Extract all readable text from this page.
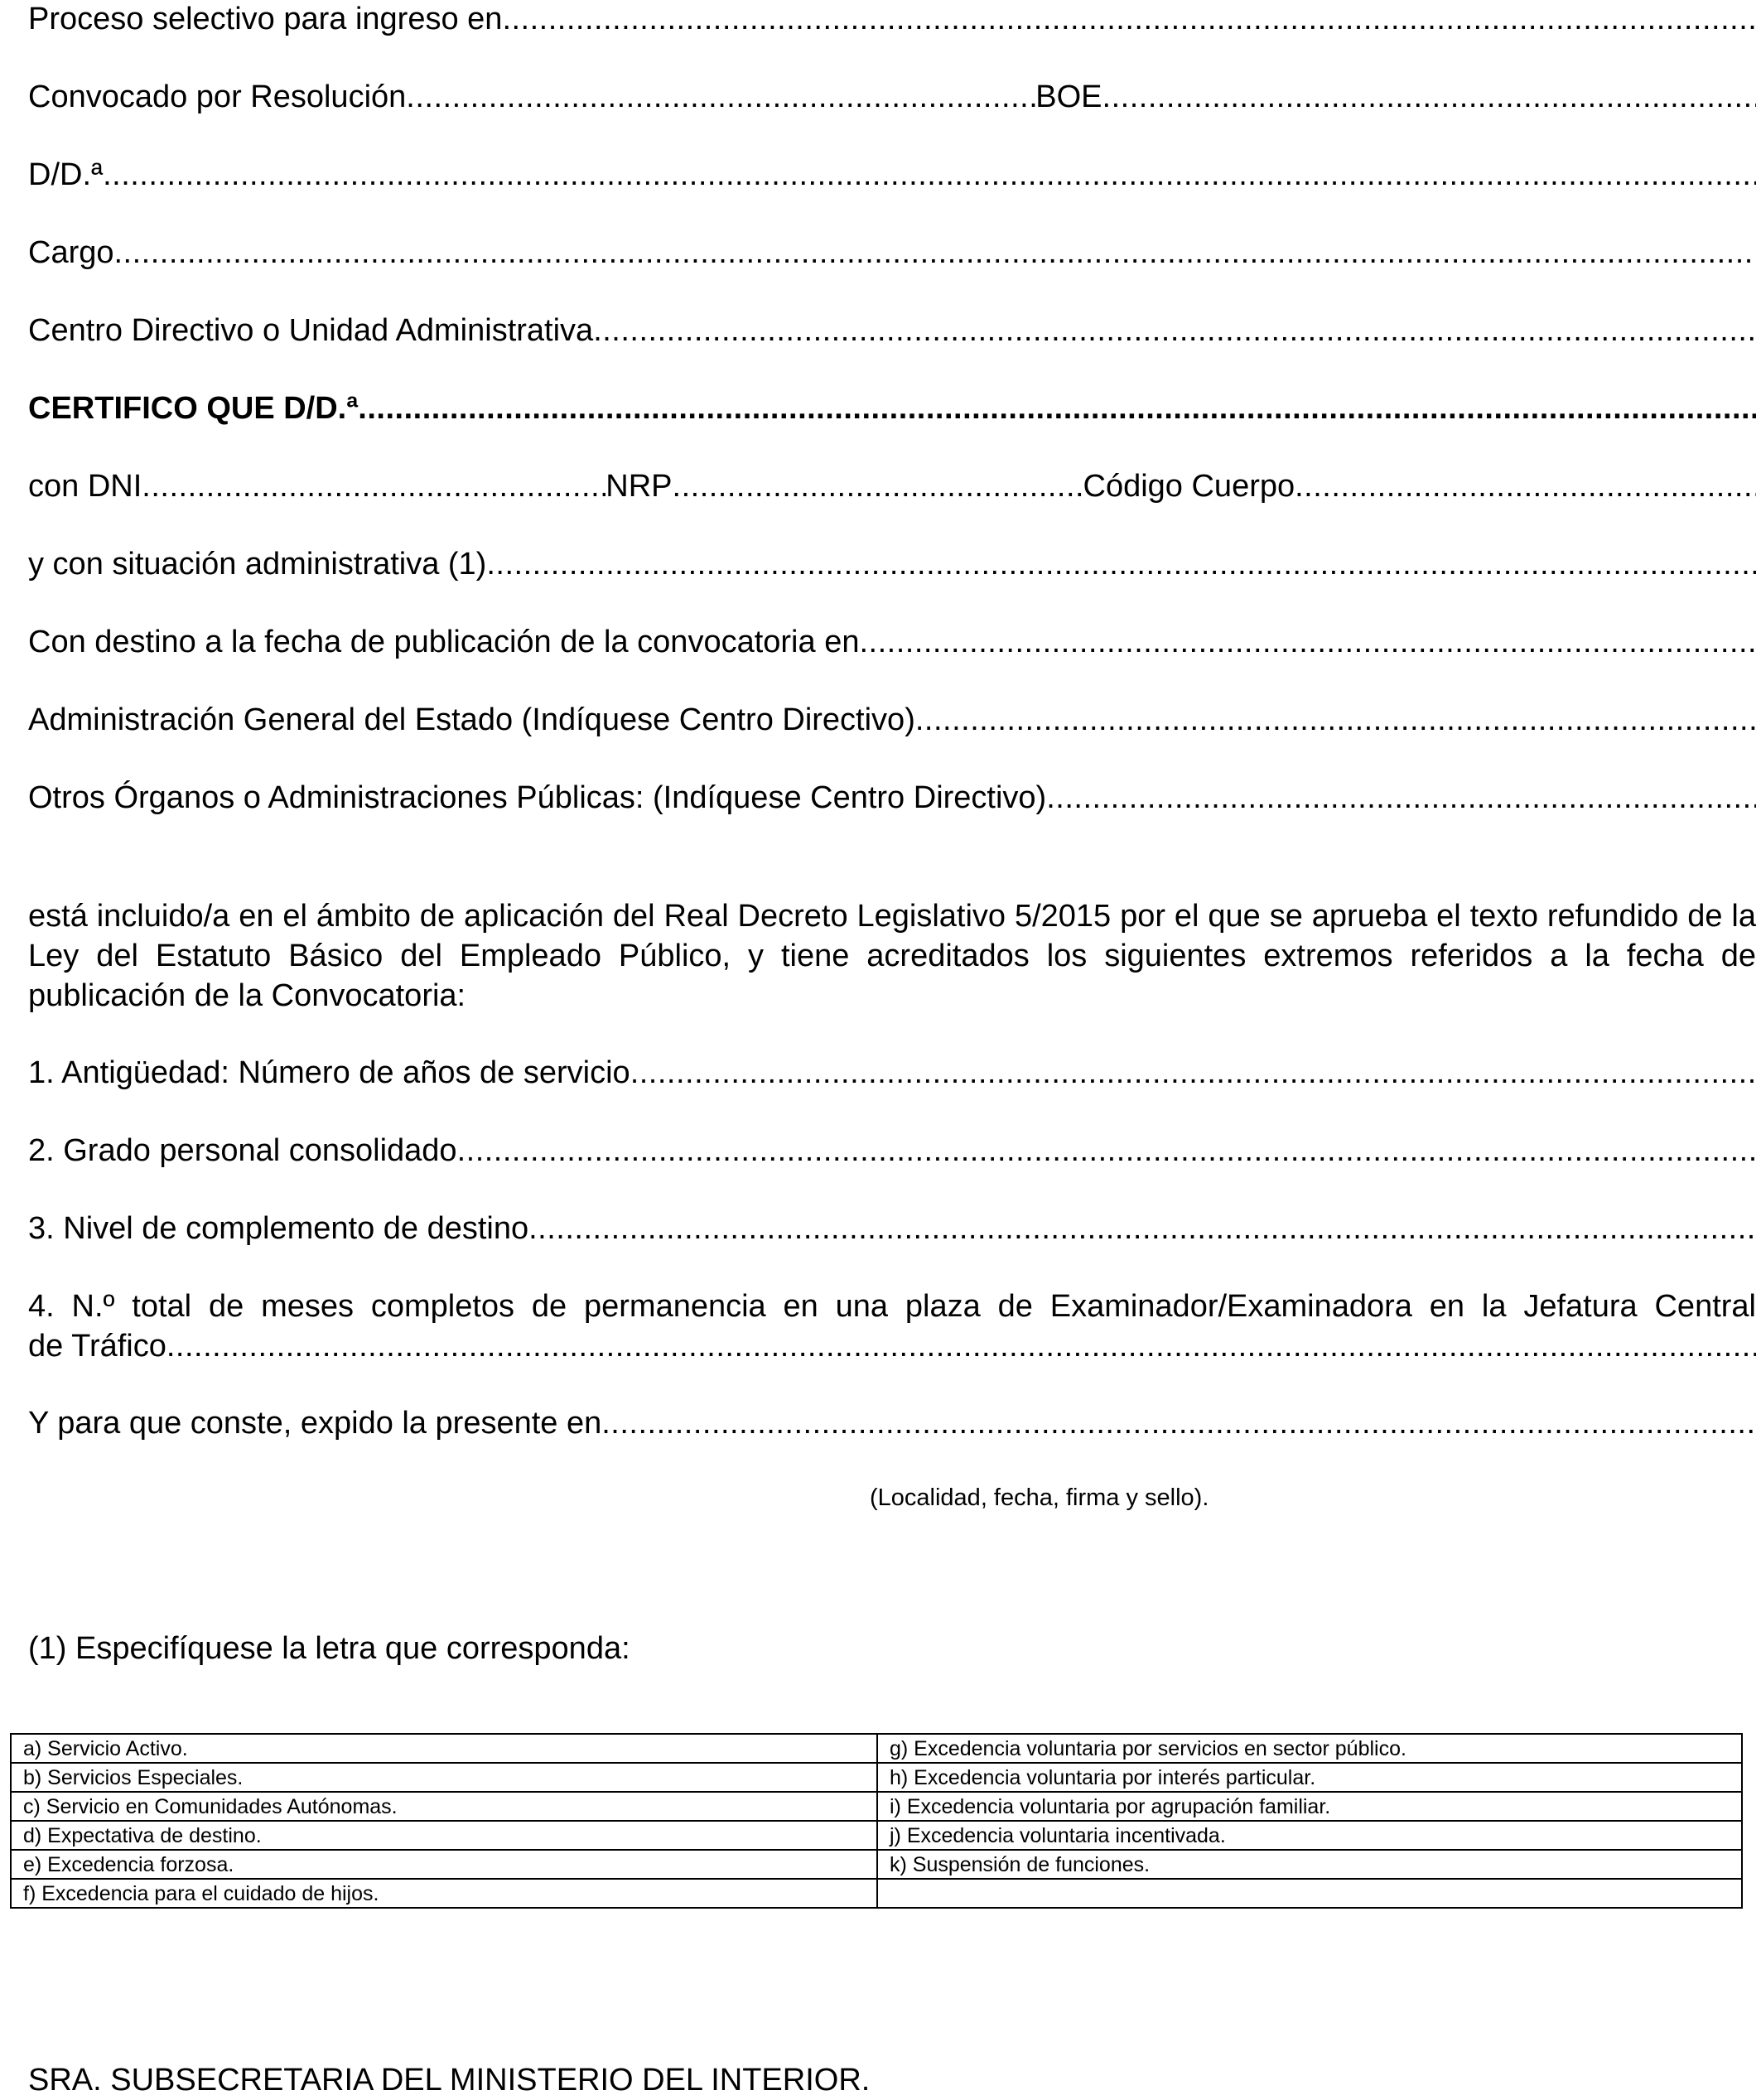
Proceso selectivo para ingreso en
.....
Convocado por Resolución .....	BOE
.....
D/D.ª
.....
Cargo
.....
Centro Directivo o Unidad Administrativa
.....
CERTIFICO QUE D/D.ª
.....
con DNI .....	NRP .....	Código Cuerpo
.....
y con situación administrativa (1)
.....
Con destino a la fecha de publicación de la convocatoria en
.....
Administración General del Estado (Indíquese Centro Directivo)
.....
Otros Órganos o Administraciones Públicas: (Indíquese Centro Directivo)
.....
está incluido/a en el ámbito de aplicación del Real Decreto Legislativo 5/2015 por el que se aprueba el texto refundido de la Ley del Estatuto Básico del Empleado Público, y tiene acreditados los siguientes extremos referidos a la fecha de publicación de la Convocatoria:
1. Antigüedad: Número de años de servicio
.....
2. Grado personal consolidado
.....
3. Nivel de complemento de destino
.....
4. N.º total de meses completos de permanencia en una plaza de Examinador/Examinadora en la Jefatura Central
de Tráfico
.....
Y para que conste, expido la presente en
.....
(Localidad, fecha, firma y sello).
(1) Especifíquese la letra que corresponda:
a) Servicio Activo.	g) Excedencia voluntaria por servicios en sector público.
b) Servicios Especiales.	h) Excedencia voluntaria por interés particular.
c) Servicio en Comunidades Autónomas.	i) Excedencia voluntaria por agrupación familiar.
d) Expectativa de destino.	j) Excedencia voluntaria incentivada.
e) Excedencia forzosa.	k) Suspensión de funciones.
f) Excedencia para el cuidado de hijos.	
SRA. SUBSECRETARIA DEL MINISTERIO DEL INTERIOR.
